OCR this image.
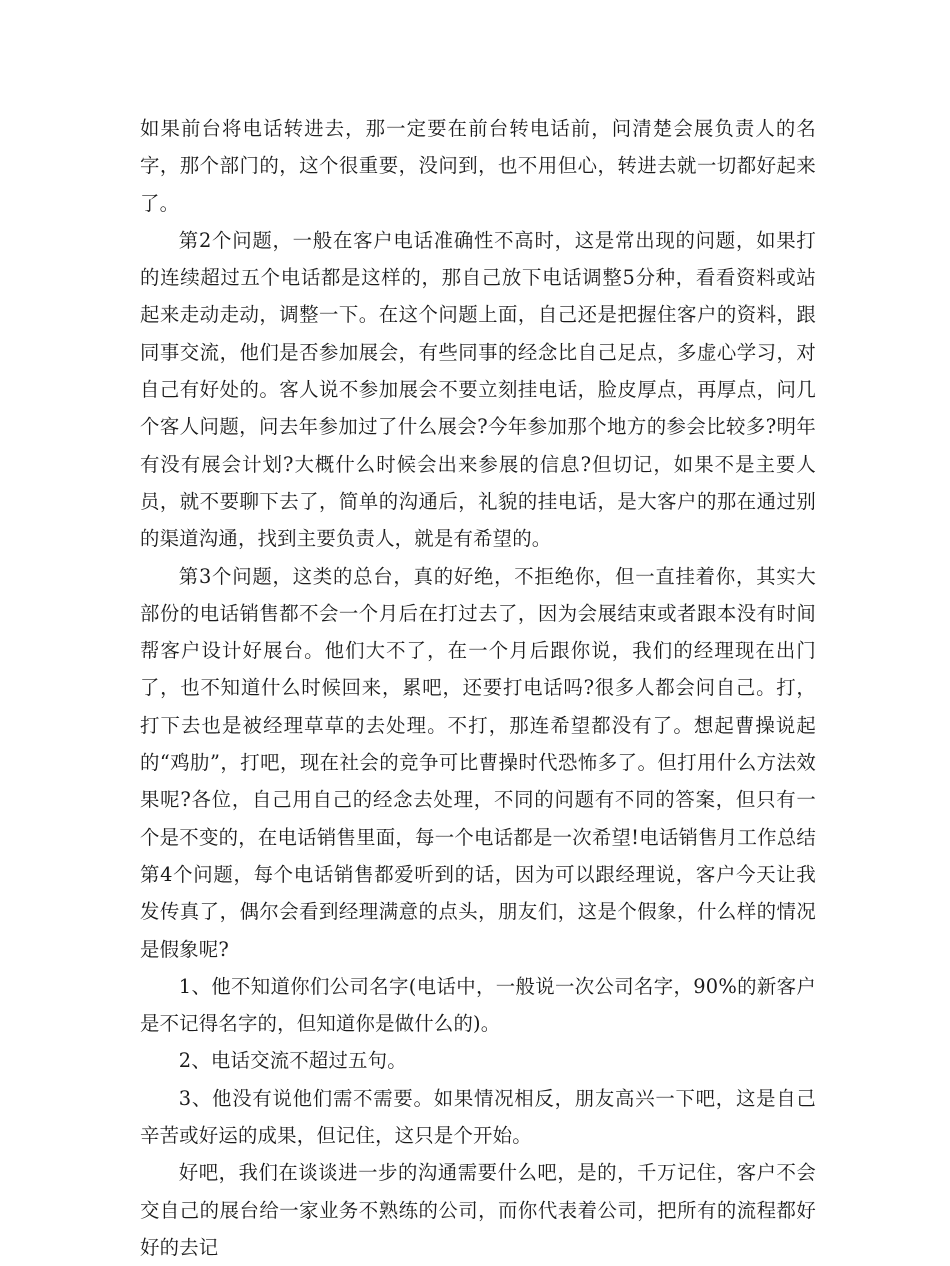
如果前台将电话转进去，那一定要在前台转电话前，问清楚会展负责人的名字，那个部门的，这个很重要，没问到，也不用但心，转进去就一切都好起来了。

第2个问题，一般在客户电话准确性不高时，这是常出现的问题，如果打的连续超过五个电话都是这样的，那自己放下电话调整5分种，看看资料或站起来走动走动，调整一下。在这个问题上面，自己还是把握住客户的资料，跟同事交流，他们是否参加展会，有些同事的经念比自己足点，多虚心学习，对自己有好处的。客人说不参加展会不要立刻挂电话，脸皮厚点，再厚点，问几个客人问题，问去年参加过了什么展会?今年参加那个地方的参会比较多?明年有没有展会计划?大概什么时候会出来参展的信息?但切记，如果不是主要人员，就不要聊下去了，简单的沟通后，礼貌的挂电话，是大客户的那在通过别的渠道沟通，找到主要负责人，就是有希望的。

第3个问题，这类的总台，真的好绝，不拒绝你，但一直挂着你，其实大部份的电话销售都不会一个月后在打过去了，因为会展结束或者跟本没有时间帮客户设计好展台。他们大不了，在一个月后跟你说，我们的经理现在出门了，也不知道什么时候回来，累吧，还要打电话吗?很多人都会问自己。打，打下去也是被经理草草的去处理。不打，那连希望都没有了。想起曹操说起的“鸡肋”，打吧，现在社会的竞争可比曹操时代恐怖多了。但打用什么方法效果呢?各位，自己用自己的经念去处理，不同的问题有不同的答案，但只有一个是不变的，在电话销售里面，每一个电话都是一次希望!电话销售月工作总结第4个问题，每个电话销售都爱听到的话，因为可以跟经理说，客户今天让我发传真了，偶尔会看到经理满意的点头，朋友们，这是个假象，什么样的情况是假象呢?

1、他不知道你们公司名字(电话中，一般说一次公司名字，90%的新客户是不记得名字的，但知道你是做什么的)。

2、电话交流不超过五句。

3、他没有说他们需不需要。如果情况相反，朋友高兴一下吧，这是自己辛苦或好运的成果，但记住，这只是个开始。

好吧，我们在谈谈进一步的沟通需要什么吧，是的，千万记住，客户不会交自己的展台给一家业务不熟练的公司，而你代表着公司，把所有的流程都好好的去记
